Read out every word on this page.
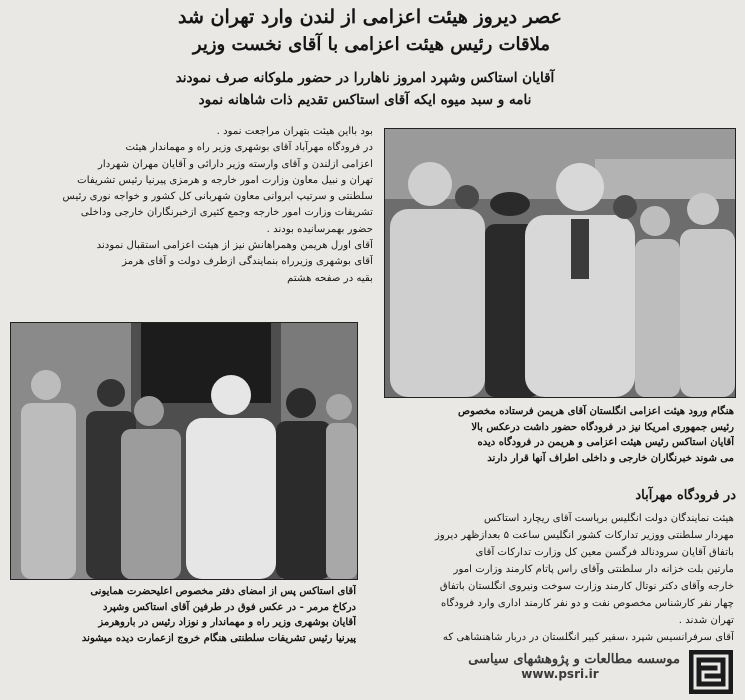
عصر دیروز هیئت اعزامی از لندن وارد تهران شد
ملاقات رئیس هیئت اعزامی با آقای نخست وزیر
آقایان استاکس وشپرد امروز ناهاررا در حضور ملوکانه صرف نمودند
نامه و سبد میوه ایکه آقای استاکس تقدیم ذات شاهانه نمود

بود بااین هیئت بتهران مراجعت نمود .

در فرودگاه مهرآباد آقای بوشهری وزیر راه و مهماندار هیئت

اعزامی ازلندن و آقای وارسته وزیر دارائی و آقایان مهران شهردار

تهران و نبیل معاون وزارت امور خارجه و هرمزی پیرنیا رئیس تشریفات

سلطنتی و سرتیپ ابروانی معاون شهربانی کل کشور و خواجه نوری رئیس

تشریفات وزارت امور خارجه وجمع کثیری ازخبرنگاران خارجی وداخلی

حضور بهمرسانیده بودند .

آقای اورل هریمن وهمراهانش نیز از هیئت اعزامی استقبال نمودند

آقای بوشهری وزیرراه بنمایندگی ازطرف دولت و آقای هرمز

بقیه در صفحه هشتم

هنگام ورود هیئت اعزامی انگلستان آقای هریمن فرستاده مخصوص

رئیس جمهوری امریکا نیز در فرودگاه حضور داشت درعکس بالا

آقایان استاکس رئیس هیئت اعزامی و هریمن در فرودگاه دیده

می شوند خبرنگاران خارجی و داخلی اطراف آنها قرار دارند

در فرودگاه مهرآباد

هیئت نمایندگان دولت انگلیس بریاست آقای ریچارد استاکس

مهردار سلطنتی ووزیر تدارکات کشور انگلیس ساعت ۵ بعدازظهر دیروز

باتفاق آقایان سرودنالد فرگسن معین کل وزارت تدارکات آقای

مارتین بلت خزانه دار سلطنتی وآقای راس پاتام کارمند وزارت امور

خارجه وآقای دکتر نوتال کارمند وزارت سوخت ونیروی انگلستان باتفاق

چهار نفر کارشناس مخصوص نفت و دو نفر کارمند اداری وارد فرودگاه

تهران شدند .

آقای سرفرانسیس شپرد ،سفیر کبیر انگلستان در دربار شاهنشاهی که

آقای استاکس پس از امضای دفتر مخصوص اعلیحضرت همایونی

درکاخ مرمر - در عکس فوق در طرفین آقای استاکس وشپرد

آقایان بوشهری وزیر راه و مهماندار و نوزاد رئیس در باروهرمز

پیرنیا رئیس تشریفات سلطنتی هنگام خروج ازعمارت دیده میشوند

موسسه مطالعات و پژوهشهای سیاسی
www.psri.ir
